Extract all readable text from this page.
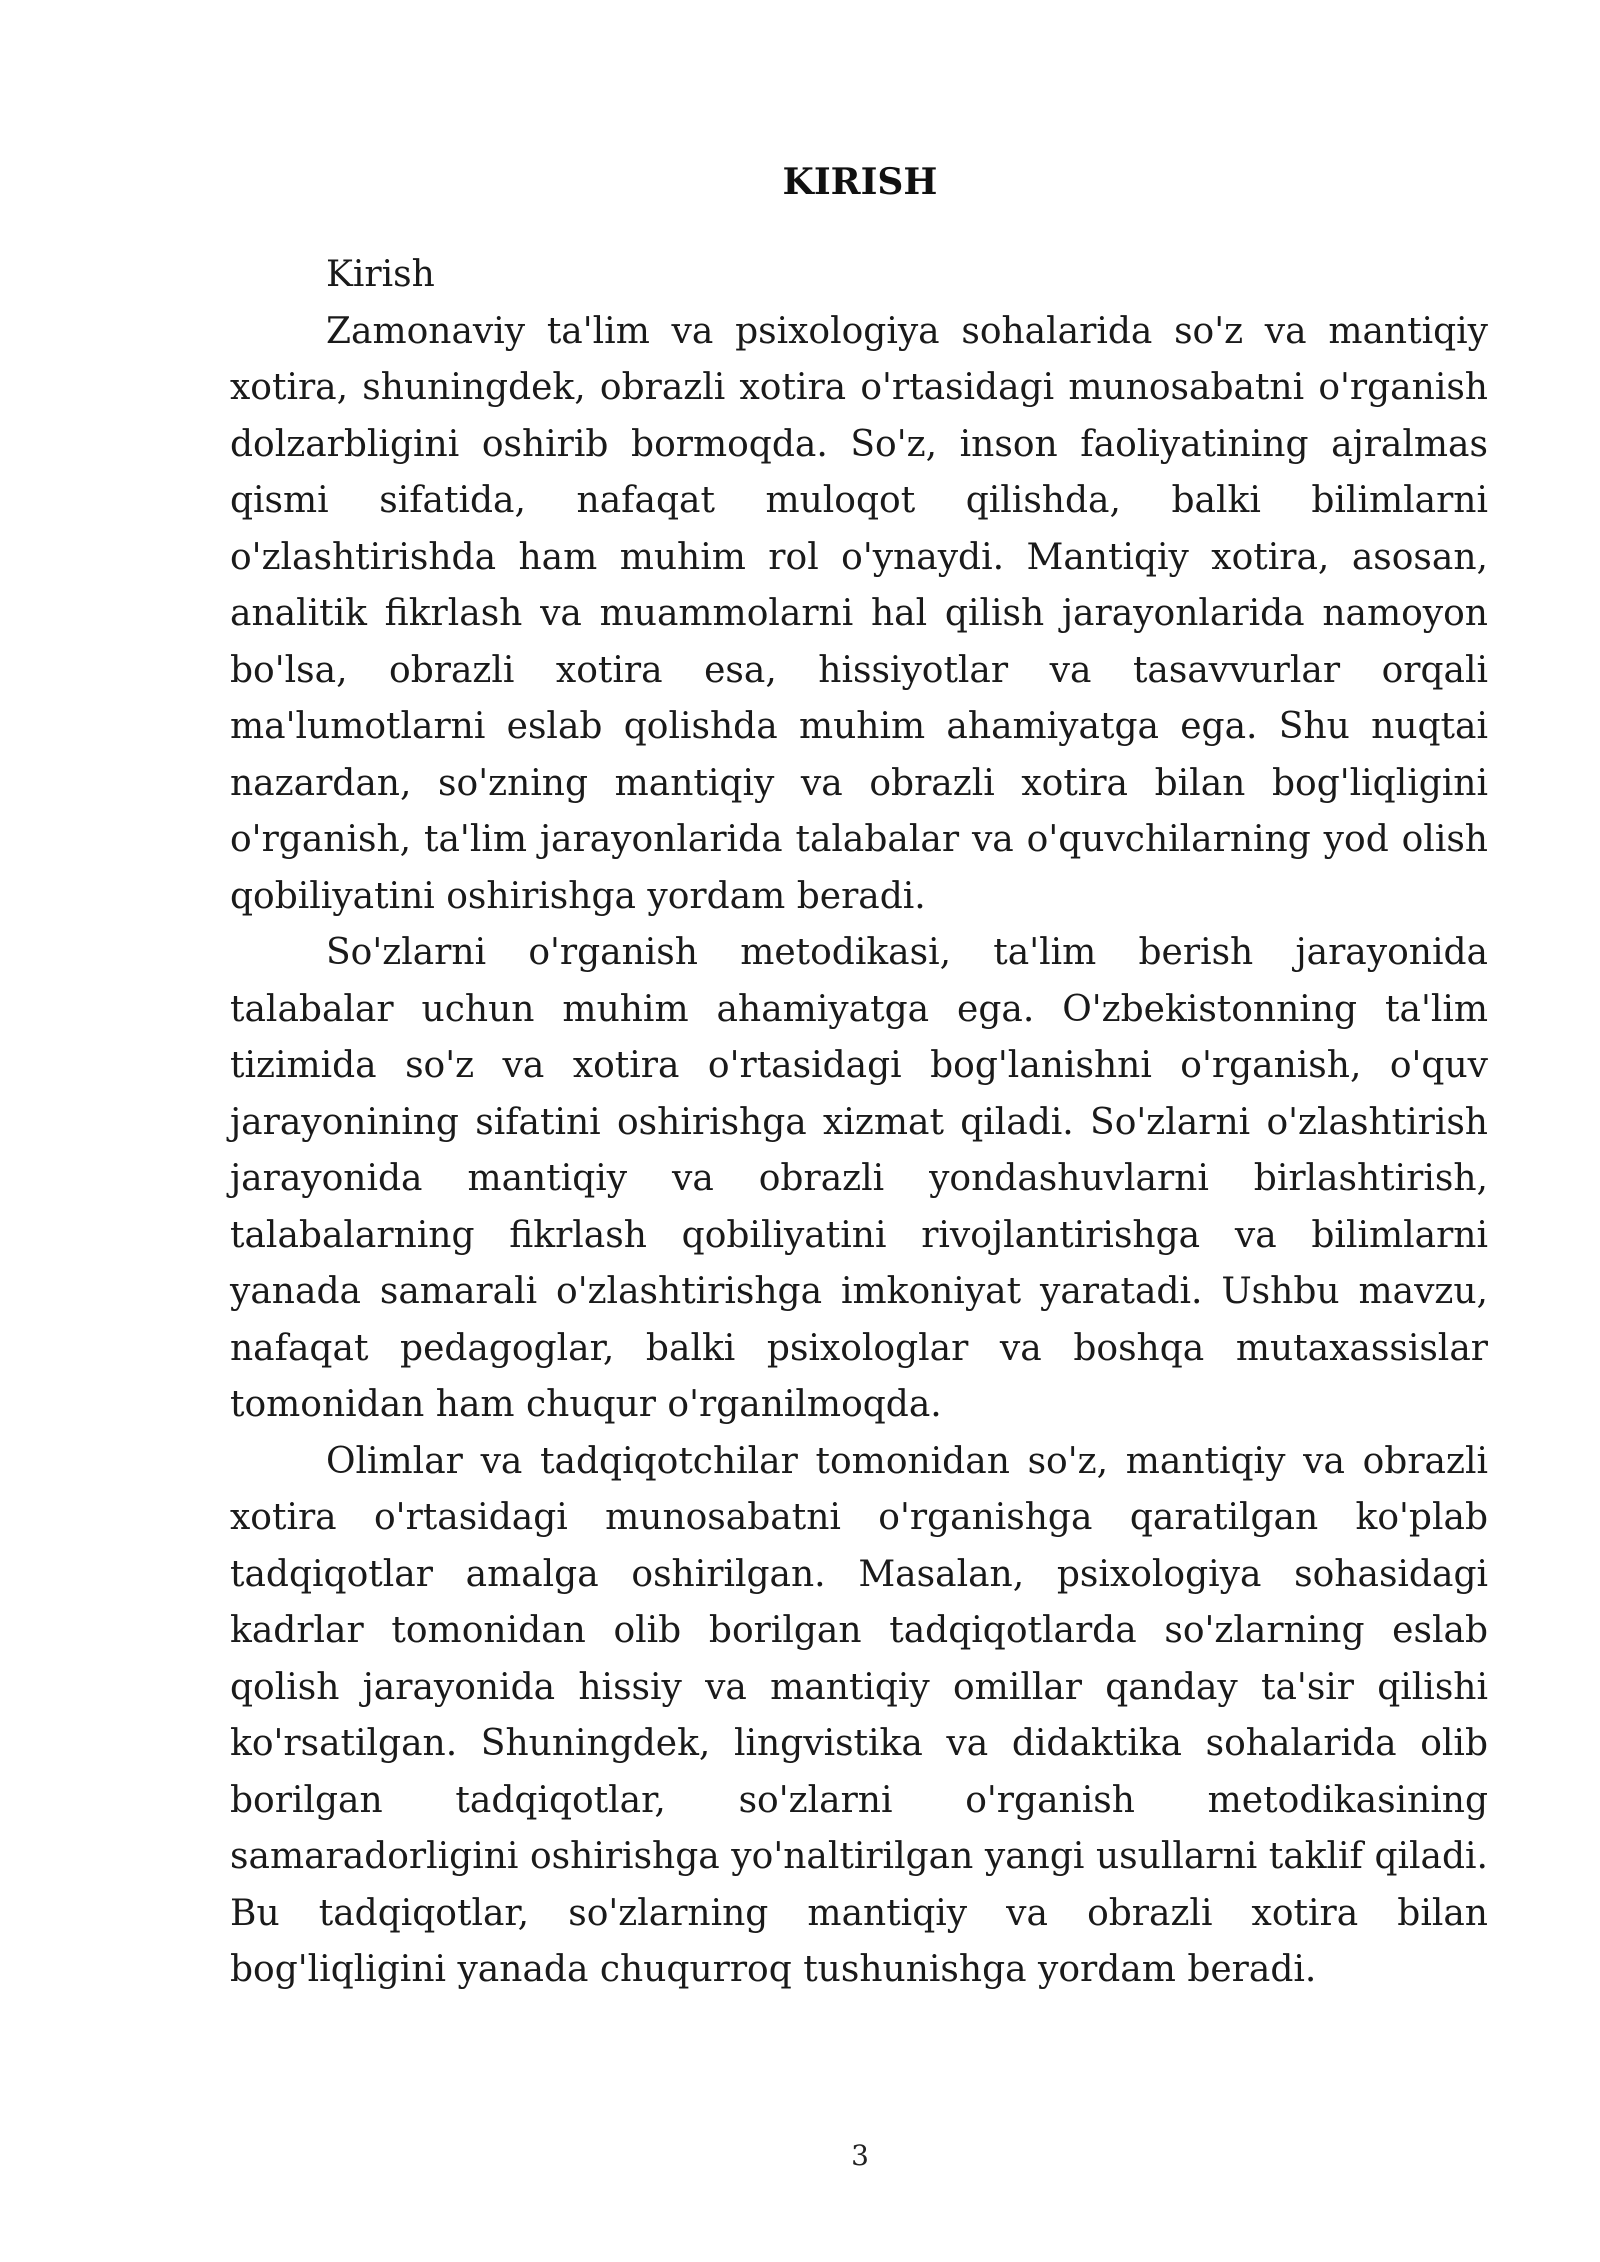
KIRISH

Kirish

Zamonaviy ta'lim va psixologiya sohalarida so'z va mantiqiy xotira, shuningdek, obrazli xotira o'rtasidagi munosabatni o'rganish dolzarbligini oshirib bormoqda. So'z, inson faoliyatining ajralmas qismi sifatida, nafaqat muloqot qilishda, balki bilimlarni o'zlashtirishda ham muhim rol o'ynaydi. Mantiqiy xotira, asosan, analitik fikrlash va muammolarni hal qilish jarayonlarida namoyon bo'lsa, obrazli xotira esa, hissiyotlar va tasavvurlar orqali ma'lumotlarni eslab qolishda muhim ahamiyatga ega. Shu nuqtai nazardan, so'zning mantiqiy va obrazli xotira bilan bog'liqligini o'rganish, ta'lim jarayonlarida talabalar va o'quvchilarning yod olish qobiliyatini oshirishga yordam beradi.

So'zlarni o'rganish metodikasi, ta'lim berish jarayonida talabalar uchun muhim ahamiyatga ega. O'zbekistonning ta'lim tizimida so'z va xotira o'rtasidagi bog'lanishni o'rganish, o'quv jarayonining sifatini oshirishga xizmat qiladi. So'zlarni o'zlashtirish jarayonida mantiqiy va obrazli yondashuvlarni birlashtirish, talabalarning fikrlash qobiliyatini rivojlantirishga va bilimlarni yanada samarali o'zlashtirishga imkoniyat yaratadi. Ushbu mavzu, nafaqat pedagoglar, balki psixologlar va boshqa mutaxassislar tomonidan ham chuqur o'rganilmoqda.

Olimlar va tadqiqotchilar tomonidan so'z, mantiqiy va obrazli xotira o'rtasidagi munosabatni o'rganishga qaratilgan ko'plab tadqiqotlar amalga oshirilgan. Masalan, psixologiya sohasidagi kadrlar tomonidan olib borilgan tadqiqotlarda so'zlarning eslab qolish jarayonida hissiy va mantiqiy omillar qanday ta'sir qilishi ko'rsatilgan. Shuningdek, lingvistika va didaktika sohalarida olib borilgan tadqiqotlar, so'zlarni o'rganish metodikasining samaradorligini oshirishga yo'naltirilgan yangi usullarni taklif qiladi. Bu tadqiqotlar, so'zlarning mantiqiy va obrazli xotira bilan bog'liqligini yanada chuqurroq tushunishga yordam beradi.

3
